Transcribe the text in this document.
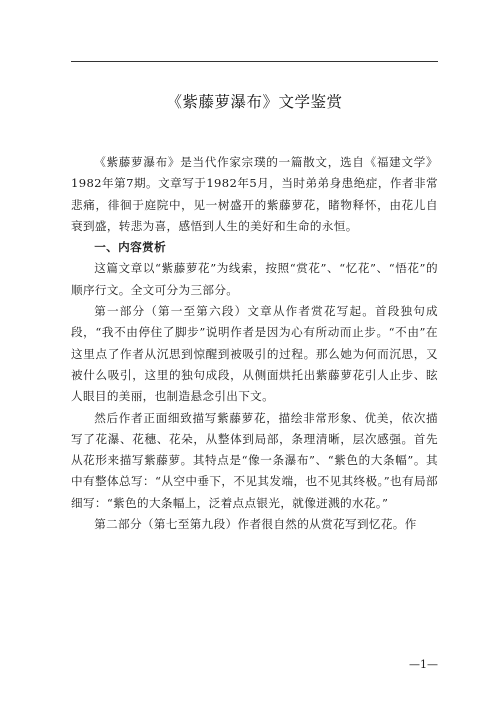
《紫藤萝瀑布》文学鉴赏

《紫藤萝瀑布》是当代作家宗璞的一篇散文，选自《福建文学》1982年第7期。文章写于1982年5月，当时弟弟身患绝症，作者非常悲痛，徘徊于庭院中，见一树盛开的紫藤萝花，睹物释怀，由花儿自衰到盛，转悲为喜，感悟到人生的美好和生命的永恒。

一、内容赏析

这篇文章以“紫藤萝花”为线索，按照“赏花”、“忆花”、“悟花”的顺序行文。全文可分为三部分。

第一部分（第一至第六段）文章从作者赏花写起。首段独句成段，“我不由停住了脚步”说明作者是因为心有所动而止步。“不由”在这里点了作者从沉思到惊醒到被吸引的过程。那么她为何而沉思，又被什么吸引，这里的独句成段，从侧面烘托出紫藤萝花引人止步、眩人眼目的美丽，也制造悬念引出下文。

然后作者正面细致描写紫藤萝花，描绘非常形象、优美，依次描写了花瀑、花穗、花朵，从整体到局部，条理清晰，层次感强。首先从花形来描写紫藤萝。其特点是“像一条瀑布”、“紫色的大条幅”。其中有整体总写：“从空中垂下，不见其发端，也不见其终极。”也有局部细写：“紫色的大条幅上，泛着点点银光，就像迸溅的水花。”

第二部分（第七至第九段）作者很自然的从赏花写到忆花。作

—1—
